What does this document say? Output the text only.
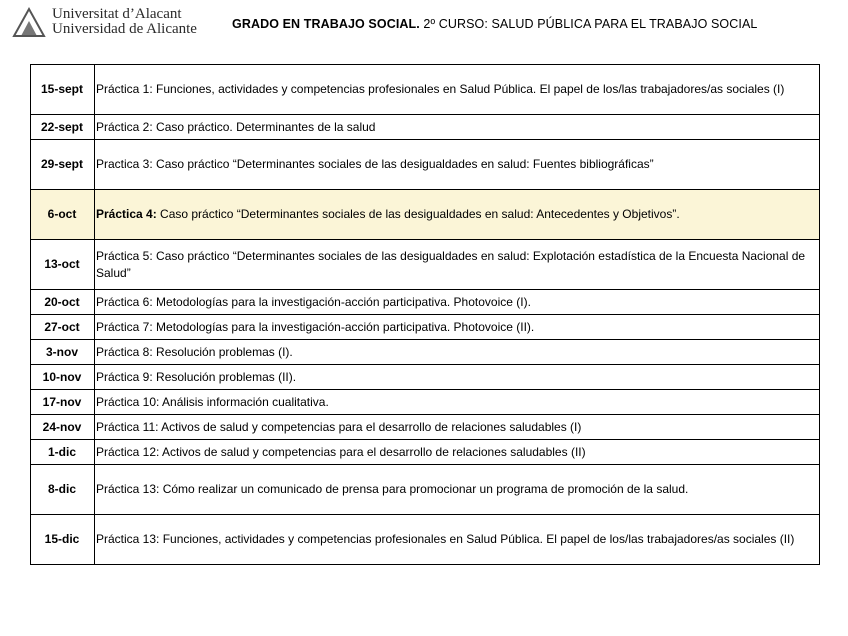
Universitat d’Alacant
Universidad de Alicante	GRADO EN TRABAJO SOCIAL. 2º CURSO: SALUD PÚBLICA PARA EL TRABAJO SOCIAL
15-sept	Práctica 1: Funciones, actividades y competencias profesionales en Salud Pública. El papel de los/las trabajadores/as sociales (I)
22-sept	Práctica 2: Caso práctico. Determinantes de la salud
29-sept	Practica 3: Caso práctico “Determinantes sociales de las desigualdades en salud: Fuentes bibliográficas”
6-oct	Práctica 4: Caso práctico “Determinantes sociales de las desigualdades en salud: Antecedentes y Objetivos”.
13-oct	Práctica 5: Caso práctico “Determinantes sociales de las desigualdades en salud: Explotación estadística de la Encuesta Nacional de Salud”
20-oct	Práctica 6: Metodologías para la investigación-acción participativa. Photovoice (I).
27-oct	Práctica 7: Metodologías para la investigación-acción participativa. Photovoice (II).
3-nov	Práctica 8: Resolución problemas (I).
10-nov	Práctica 9: Resolución problemas (II).
17-nov	Práctica 10: Análisis información cualitativa.
24-nov	Práctica 11: Activos de salud y competencias para el desarrollo de relaciones saludables (I)
1-dic	Práctica 12: Activos de salud y competencias para el desarrollo de relaciones saludables (II)
8-dic	Práctica 13: Cómo realizar un comunicado de prensa para promocionar un programa de promoción de la salud.
15-dic	Práctica 13: Funciones, actividades y competencias profesionales en Salud Pública. El papel de los/las trabajadores/as sociales (II)
